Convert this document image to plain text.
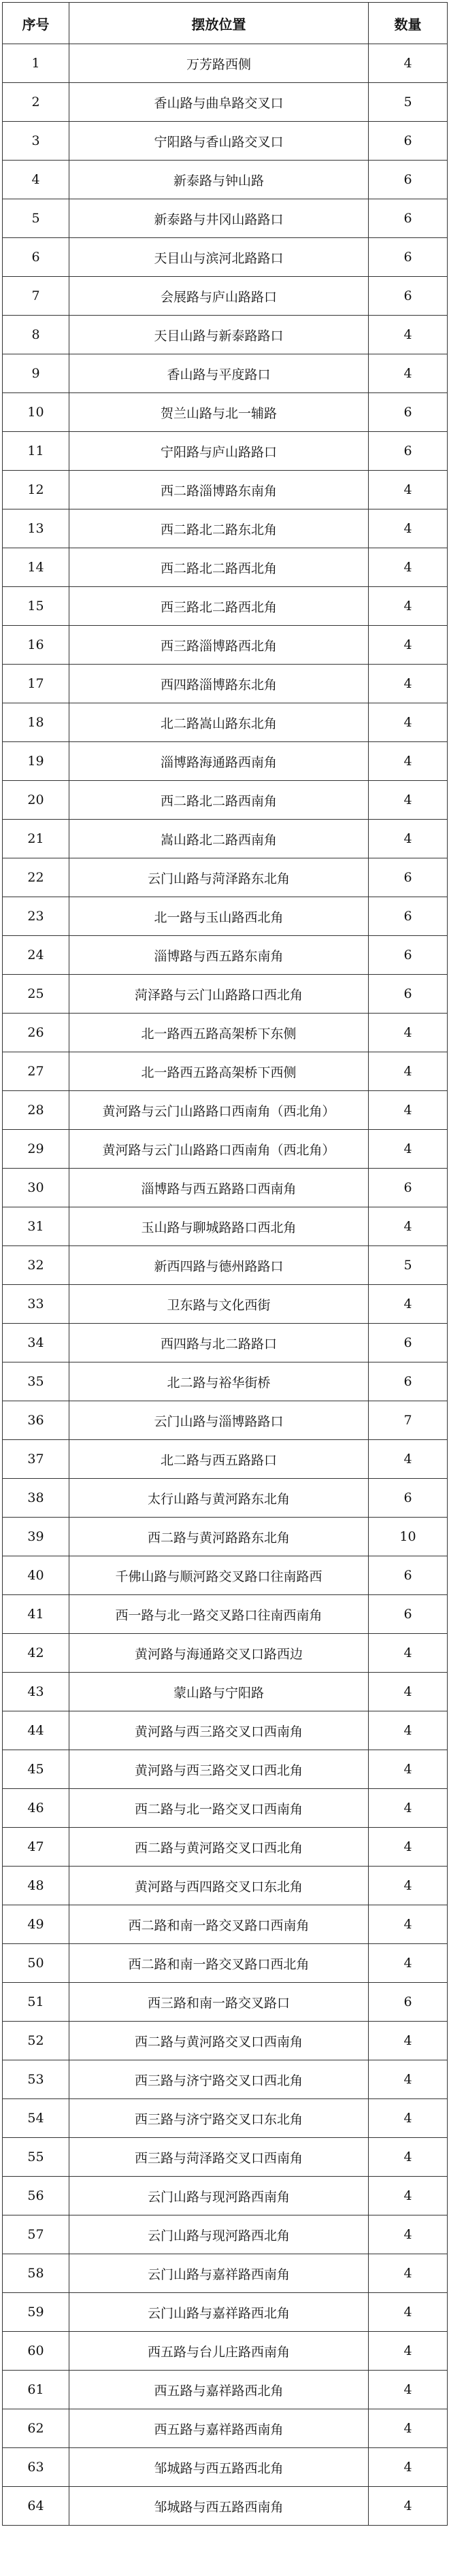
序号	摆放位置	数量
1	万芳路西侧	4
2	香山路与曲阜路交叉口	5
3	宁阳路与香山路交叉口	6
4	新泰路与钟山路	6
5	新泰路与井冈山路路口	6
6	天目山与滨河北路路口	6
7	会展路与庐山路路口	6
8	天目山路与新泰路路口	4
9	香山路与平度路口	4
10	贺兰山路与北一辅路	6
11	宁阳路与庐山路路口	6
12	西二路淄博路东南角	4
13	西二路北二路东北角	4
14	西二路北二路西北角	4
15	西三路北二路西北角	4
16	西三路淄博路西北角	4
17	西四路淄博路东北角	4
18	北二路嵩山路东北角	4
19	淄博路海通路西南角	4
20	西二路北二路西南角	4
21	嵩山路北二路西南角	4
22	云门山路与菏泽路东北角	6
23	北一路与玉山路西北角	6
24	淄博路与西五路东南角	6
25	菏泽路与云门山路路口西北角	6
26	北一路西五路高架桥下东侧	4
27	北一路西五路高架桥下西侧	4
28	黄河路与云门山路路口西南角（西北角）	4
29	黄河路与云门山路路口西南角（西北角）	4
30	淄博路与西五路路口西南角	6
31	玉山路与聊城路路口西北角	4
32	新西四路与德州路路口	5
33	卫东路与文化西街	4
34	西四路与北二路路口	6
35	北二路与裕华街桥	6
36	云门山路与淄博路路口	7
37	北二路与西五路路口	4
38	太行山路与黄河路东北角	6
39	西二路与黄河路路东北角	10
40	千佛山路与顺河路交叉路口往南路西	6
41	西一路与北一路交叉路口往南西南角	6
42	黄河路与海通路交叉口路西边	4
43	蒙山路与宁阳路	4
44	黄河路与西三路交叉口西南角	4
45	黄河路与西三路交叉口西北角	4
46	西二路与北一路交叉口西南角	4
47	西二路与黄河路交叉口西北角	4
48	黄河路与西四路交叉口东北角	4
49	西二路和南一路交叉路口西南角	4
50	西二路和南一路交叉路口西北角	4
51	西三路和南一路交叉路口	6
52	西二路与黄河路交叉口西南角	4
53	西三路与济宁路交叉口西北角	4
54	西三路与济宁路交叉口东北角	4
55	西三路与菏泽路交叉口西南角	4
56	云门山路与现河路西南角	4
57	云门山路与现河路西北角	4
58	云门山路与嘉祥路西南角	4
59	云门山路与嘉祥路西北角	4
60	西五路与台儿庄路西南角	4
61	西五路与嘉祥路西北角	4
62	西五路与嘉祥路西南角	4
63	邹城路与西五路西北角	4
64	邹城路与西五路西南角	4
